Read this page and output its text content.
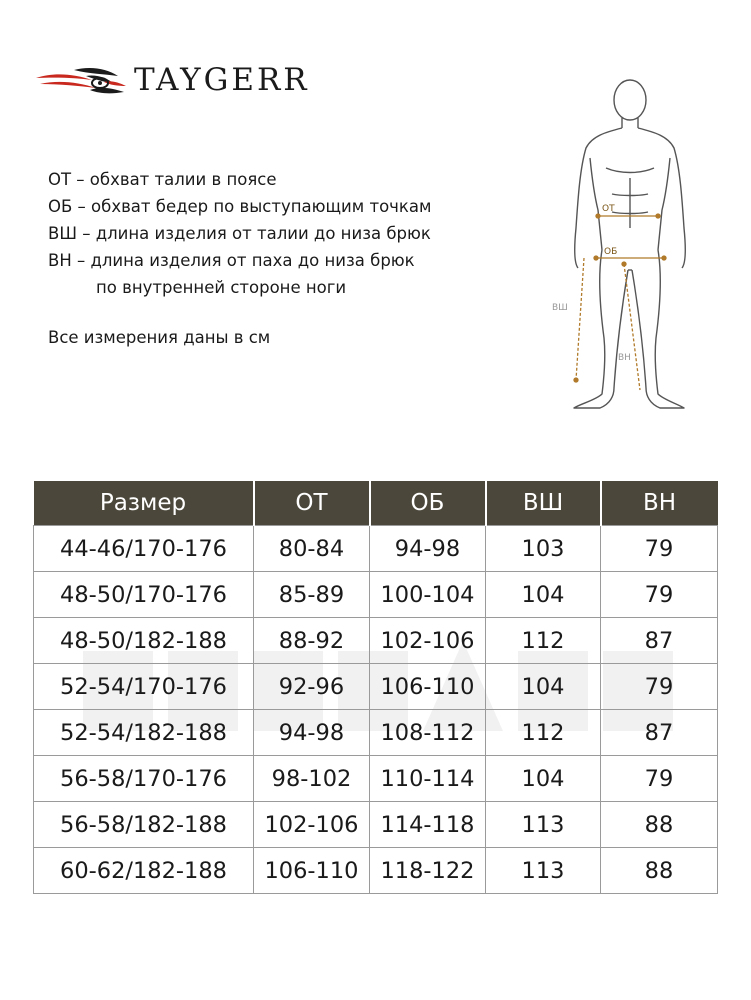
TAYGERR
ОТ – обхват талии в поясе
ОБ – обхват бедер по выступающим точкам
ВШ – длина изделия от талии до низа брюк
ВН – длина изделия от паха до низа брюк
по внутренней стороне ноги
Все измерения даны в см
ОТ
ОБ
ВШ
ВН
Размер	ОТ	ОБ	ВШ	ВН
44-46/170-176	80-84	94-98	103	79
48-50/170-176	85-89	100-104	104	79
48-50/182-188	88-92	102-106	112	87
52-54/170-176	92-96	106-110	104	79
52-54/182-188	94-98	108-112	112	87
56-58/170-176	98-102	110-114	104	79
56-58/182-188	102-106	114-118	113	88
60-62/182-188	106-110	118-122	113	88
